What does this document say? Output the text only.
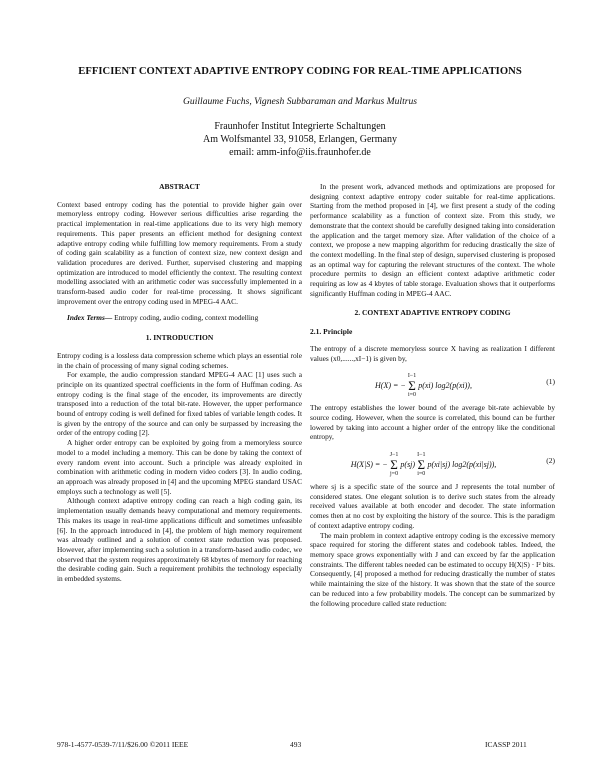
EFFICIENT CONTEXT ADAPTIVE ENTROPY CODING FOR REAL-TIME APPLICATIONS
Guillaume Fuchs, Vignesh Subbaraman and Markus Multrus
Fraunhofer Institut Integrierte Schaltungen
Am Wolfsmantel 33, 91058, Erlangen, Germany
email: amm-info@iis.fraunhofer.de
ABSTRACT

Context based entropy coding has the potential to provide higher gain over memoryless entropy coding. However serious difficulties arise regarding the practical implementation in real-time applications due to its very high memory requirements. This paper presents an efficient method for designing context adaptive entropy coding while fulfilling low memory requirements. From a study of coding gain scalability as a function of context size, new context design and validation procedures are derived. Further, supervised clustering and mapping optimization are introduced to model efficiently the context. The resulting context modelling associated with an arithmetic coder was successfully implemented in a transform-based audio coder for real-time processing. It shows significant improvement over the entropy coding used in MPEG-4 AAC.

Index Terms— Entropy coding, audio coding, context modelling

1. INTRODUCTION

Entropy coding is a lossless data compression scheme which plays an essential role in the chain of processing of many signal coding schemes.

For example, the audio compression standard MPEG-4 AAC [1] uses such a principle on its quantized spectral coefficients in the form of Huffman coding. As entropy coding is the final stage of the encoder, its improvements are directly transposed into a reduction of the total bit-rate. However, the upper performance bound of entropy coding is well defined for fixed tables of variable length codes. It is given by the entropy of the source and can only be surpassed by increasing the order of the entropy coding [2].

A higher order entropy can be exploited by going from a memoryless source model to a model including a memory. This can be done by taking the context of every random event into account. Such a principle was already exploited in combination with arithmetic coding in modern video coders [3]. In audio coding, an approach was already proposed in [4] and the upcoming MPEG standard USAC employs such a technology as well [5].

Although context adaptive entropy coding can reach a high coding gain, its implementation usually demands heavy computational and memory requirements. This makes its usage in real-time applications difficult and sometimes unfeasible [6]. In the approach introduced in [4], the problem of high memory requirement was already outlined and a solution of context state reduction was proposed. However, after implementing such a solution in a transform-based audio codec, we observed that the system requires approximately 68 kbytes of memory for reaching the desirable coding gain. Such a requirement prohibits the technology especially in embedded systems.

In the present work, advanced methods and optimizations are proposed for designing context adaptive entropy coder suitable for real-time applications. Starting from the method proposed in [4], we first present a study of the coding performance scalability as a function of context size. From this study, we demonstrate that the context should be carefully designed taking into consideration the application and the target memory size. After validation of the choice of a context, we propose a new mapping algorithm for reducing drastically the size of the context modelling. In the final step of design, supervised clustering is proposed as an optimal way for capturing the relevant structures of the context. The whole procedure permits to design an efficient context adaptive arithmetic coder requiring as low as 4 kbytes of table storage. Evaluation shows that it outperforms significantly Huffman coding in MPEG-4 AAC.

2. CONTEXT ADAPTIVE ENTROPY CODING
2.1. Principle

The entropy of a discrete memoryless source X having as realization I different values (x0,......,xI−1) is given by,

H(X) = − I−1
Σ
i=0 p(xi) log2(p(xi)),	(1)

The entropy establishes the lower bound of the average bit-rate achievable by source coding. However, when the source is correlated, this bound can be further lowered by taking into account a higher order of the entropy like the conditional entropy,

H(X|S) = − J−1
Σ
j=0 p(sj) I−1
Σ
i=0 p(xi|sj) log2(p(xi|sj)),	(2)

where sj is a specific state of the source and J represents the total number of considered states. One elegant solution is to derive such states from the already received values available at both encoder and decoder. The state information comes then at no cost by exploiting the history of the source. This is the paradigm of context adaptive entropy coding.

The main problem in context adaptive entropy coding is the excessive memory space required for storing the different states and codebook tables. Indeed, the memory space grows exponentially with J and can exceed by far the application constraints. The different tables needed can be estimated to occupy H(X|S) · I² bits. Consequently, [4] proposed a method for reducing drastically the number of states while maintaining the size of the history. It was shown that the state of the source can be reduced into a few probability models. The concept can be summarized by the following procedure called state reduction:

978-1-4577-0539-7/11/$26.00 ©2011 IEEE	493	ICASSP 2011
